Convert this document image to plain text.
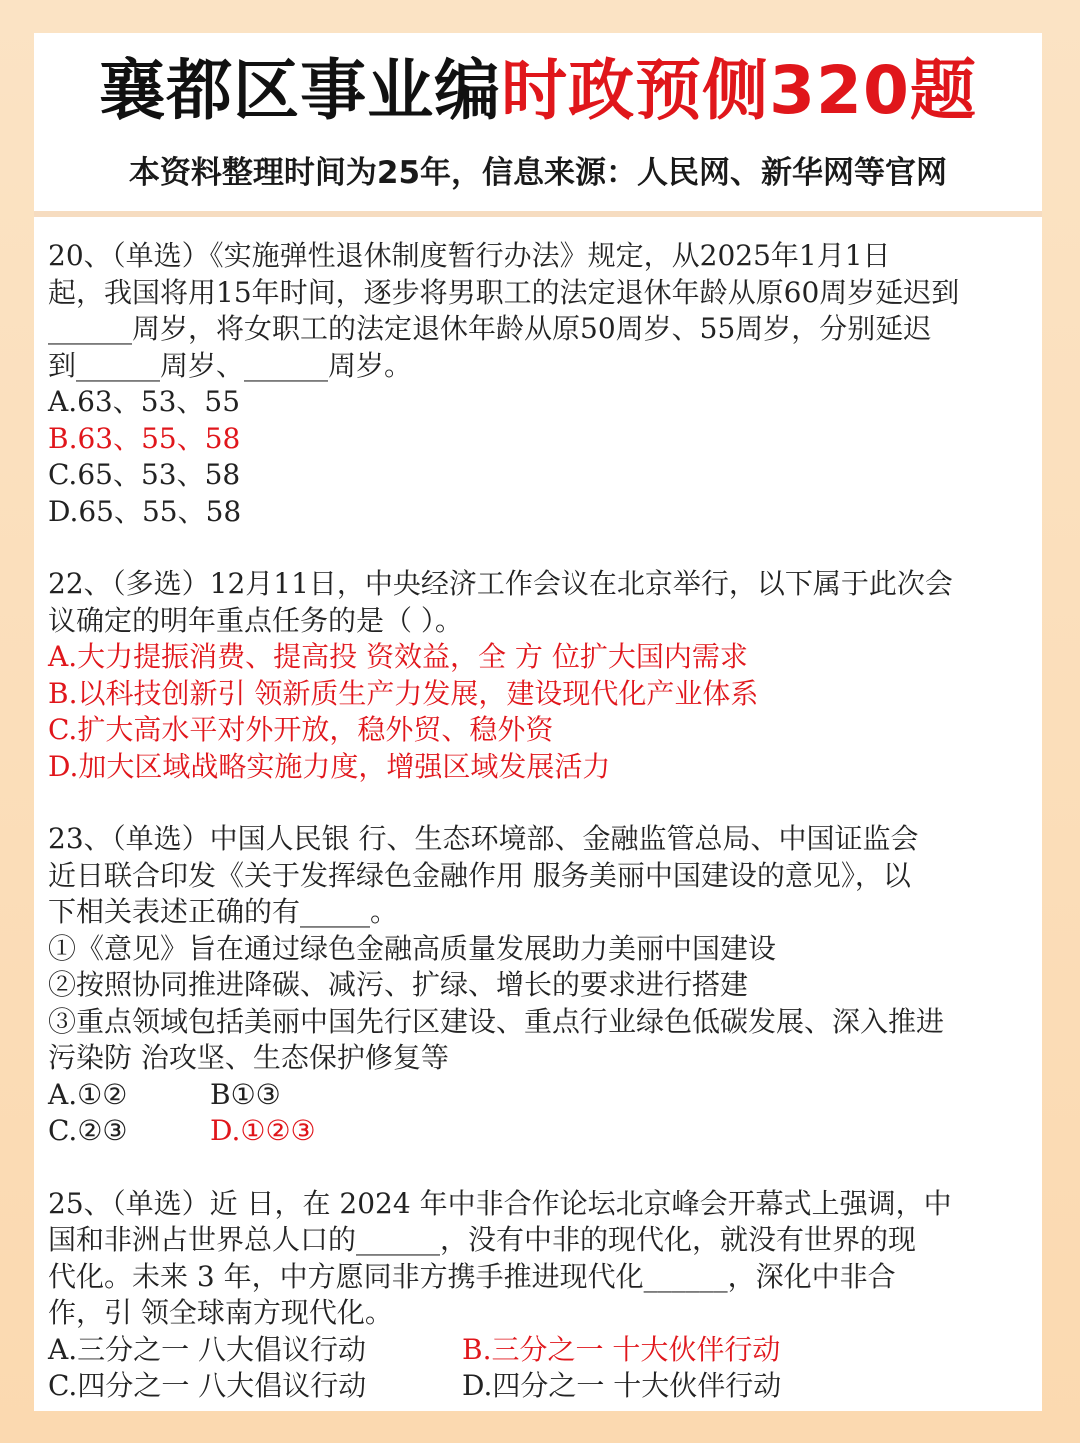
襄都区事业编时政预侧320题
本资料整理时间为25年，信息来源：人民网、新华网等官网
20、（单选）《实施弹性退休制度暂行办法》规定，从2025年1月1日
起，我国将用15年时间，逐步将男职工的法定退休年龄从原60周岁延迟到
______周岁，将女职工的法定退休年龄从原50周岁、55周岁，分别延迟
到______周岁、______周岁。
A.63、53、55
B.63、55、58
C.65、53、58
D.65、55、58
22、（多选）12月11日，中央经济工作会议在北京举行，以下属于此次会
议确定的明年重点任务的是（ ）。
A.大力提振消费、提高投 资效益，全 方 位扩大国内需求
B.以科技创新引 领新质生产力发展，建设现代化产业体系
C.扩大高水平对外开放，稳外贸、稳外资
D.加大区域战略实施力度，增强区域发展活力
23、（单选）中国人民银 行、生态环境部、金融监管总局、中国证监会
近日联合印发《关于发挥绿色金融作用 服务美丽中国建设的意见》，以
下相关表述正确的有_____。
①《意见》旨在通过绿色金融高质量发展助力美丽中国建设
②按照协同推进降碳、减污、扩绿、增长的要求进行搭建
③重点领域包括美丽中国先行区建设、重点行业绿色低碳发展、深入推进
污染防 治攻坚、生态保护修复等
A.①②	B①③
C.②③	D.①②③
25、（单选）近 日，在 2024 年中非合作论坛北京峰会开幕式上强调，中
国和非洲占世界总人口的______，没有中非的现代化，就没有世界的现
代化。未来 3 年，中方愿同非方携手推进现代化______，深化中非合
作，引 领全球南方现代化。
A.三分之一 八大倡议行动	B.三分之一 十大伙伴行动
C.四分之一 八大倡议行动	D.四分之一 十大伙伴行动
